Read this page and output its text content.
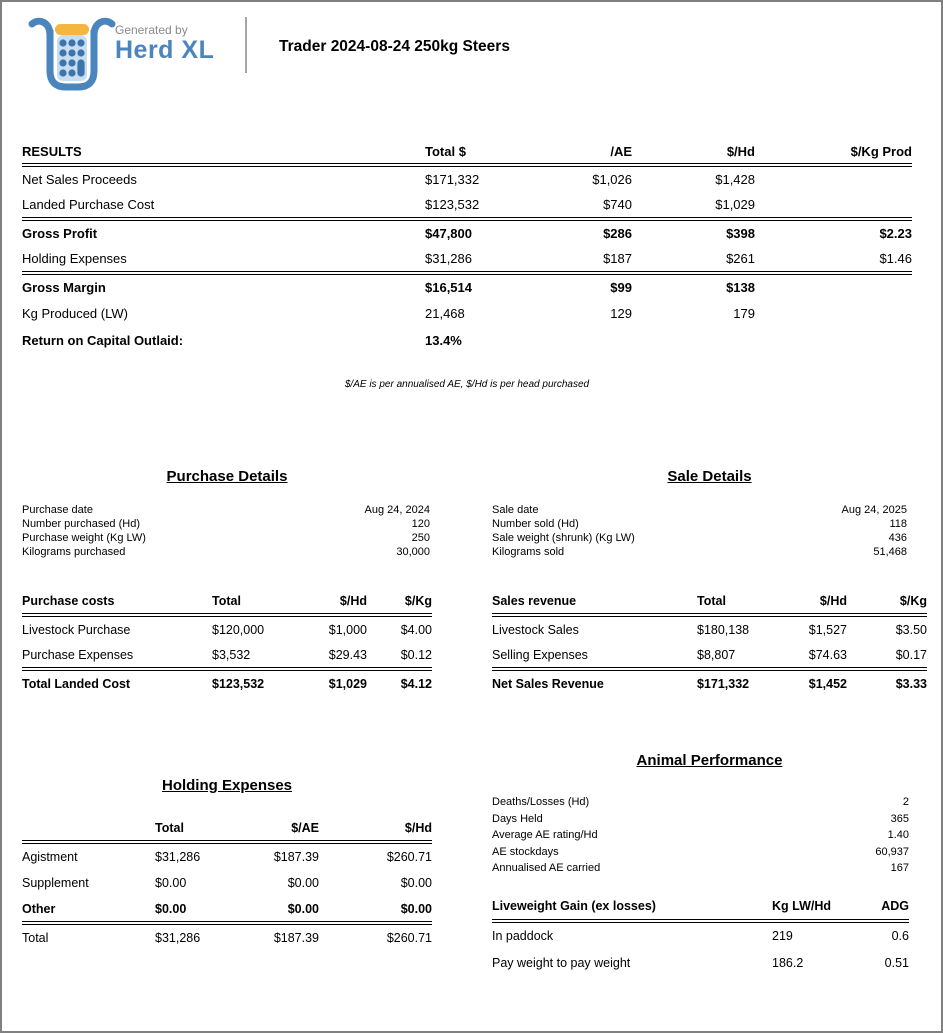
Generated by
Herd XL	Trader 2024-08-24 250kg Steers
RESULTS	Total $	/AE	$/Hd	$/Kg Prod
Net Sales Proceeds	$171,332	$1,026	$1,428	
Landed Purchase Cost	$123,532	$740	$1,029	
Gross Profit	$47,800	$286	$398	$2.23
Holding Expenses	$31,286	$187	$261	$1.46
Gross Margin	$16,514	$99	$138	
Kg Produced (LW)	21,468	129	179	
Return on Capital Outlaid:	13.4%			
$/AE is per annualised AE, $/Hd is per head purchased
Purchase Details
Purchase date	Aug 24, 2024
Number purchased (Hd)	120
Purchase weight (Kg LW)	250
Kilograms purchased	30,000
Purchase costs	Total	$/Hd	$/Kg
Livestock Purchase	$120,000	$1,000	$4.00
Purchase Expenses	$3,532	$29.43	$0.12
Total Landed Cost	$123,532	$1,029	$4.12
Sale Details
Sale date	Aug 24, 2025
Number sold (Hd)	118
Sale weight (shrunk) (Kg LW)	436
Kilograms sold	51,468
Sales revenue	Total	$/Hd	$/Kg
Livestock Sales	$180,138	$1,527	$3.50
Selling Expenses	$8,807	$74.63	$0.17
Net Sales Revenue	$171,332	$1,452	$3.33
Holding Expenses
	Total	$/AE	$/Hd
Agistment	$31,286	$187.39	$260.71
Supplement	$0.00	$0.00	$0.00
Other	$0.00	$0.00	$0.00
Total	$31,286	$187.39	$260.71
Animal Performance
Deaths/Losses (Hd)	2
Days Held	365
Average AE rating/Hd	1.40
AE stockdays	60,937
Annualised AE carried	167
Liveweight Gain (ex losses)	Kg LW/Hd	ADG
In paddock	219	0.6
Pay weight to pay weight	186.2	0.51
